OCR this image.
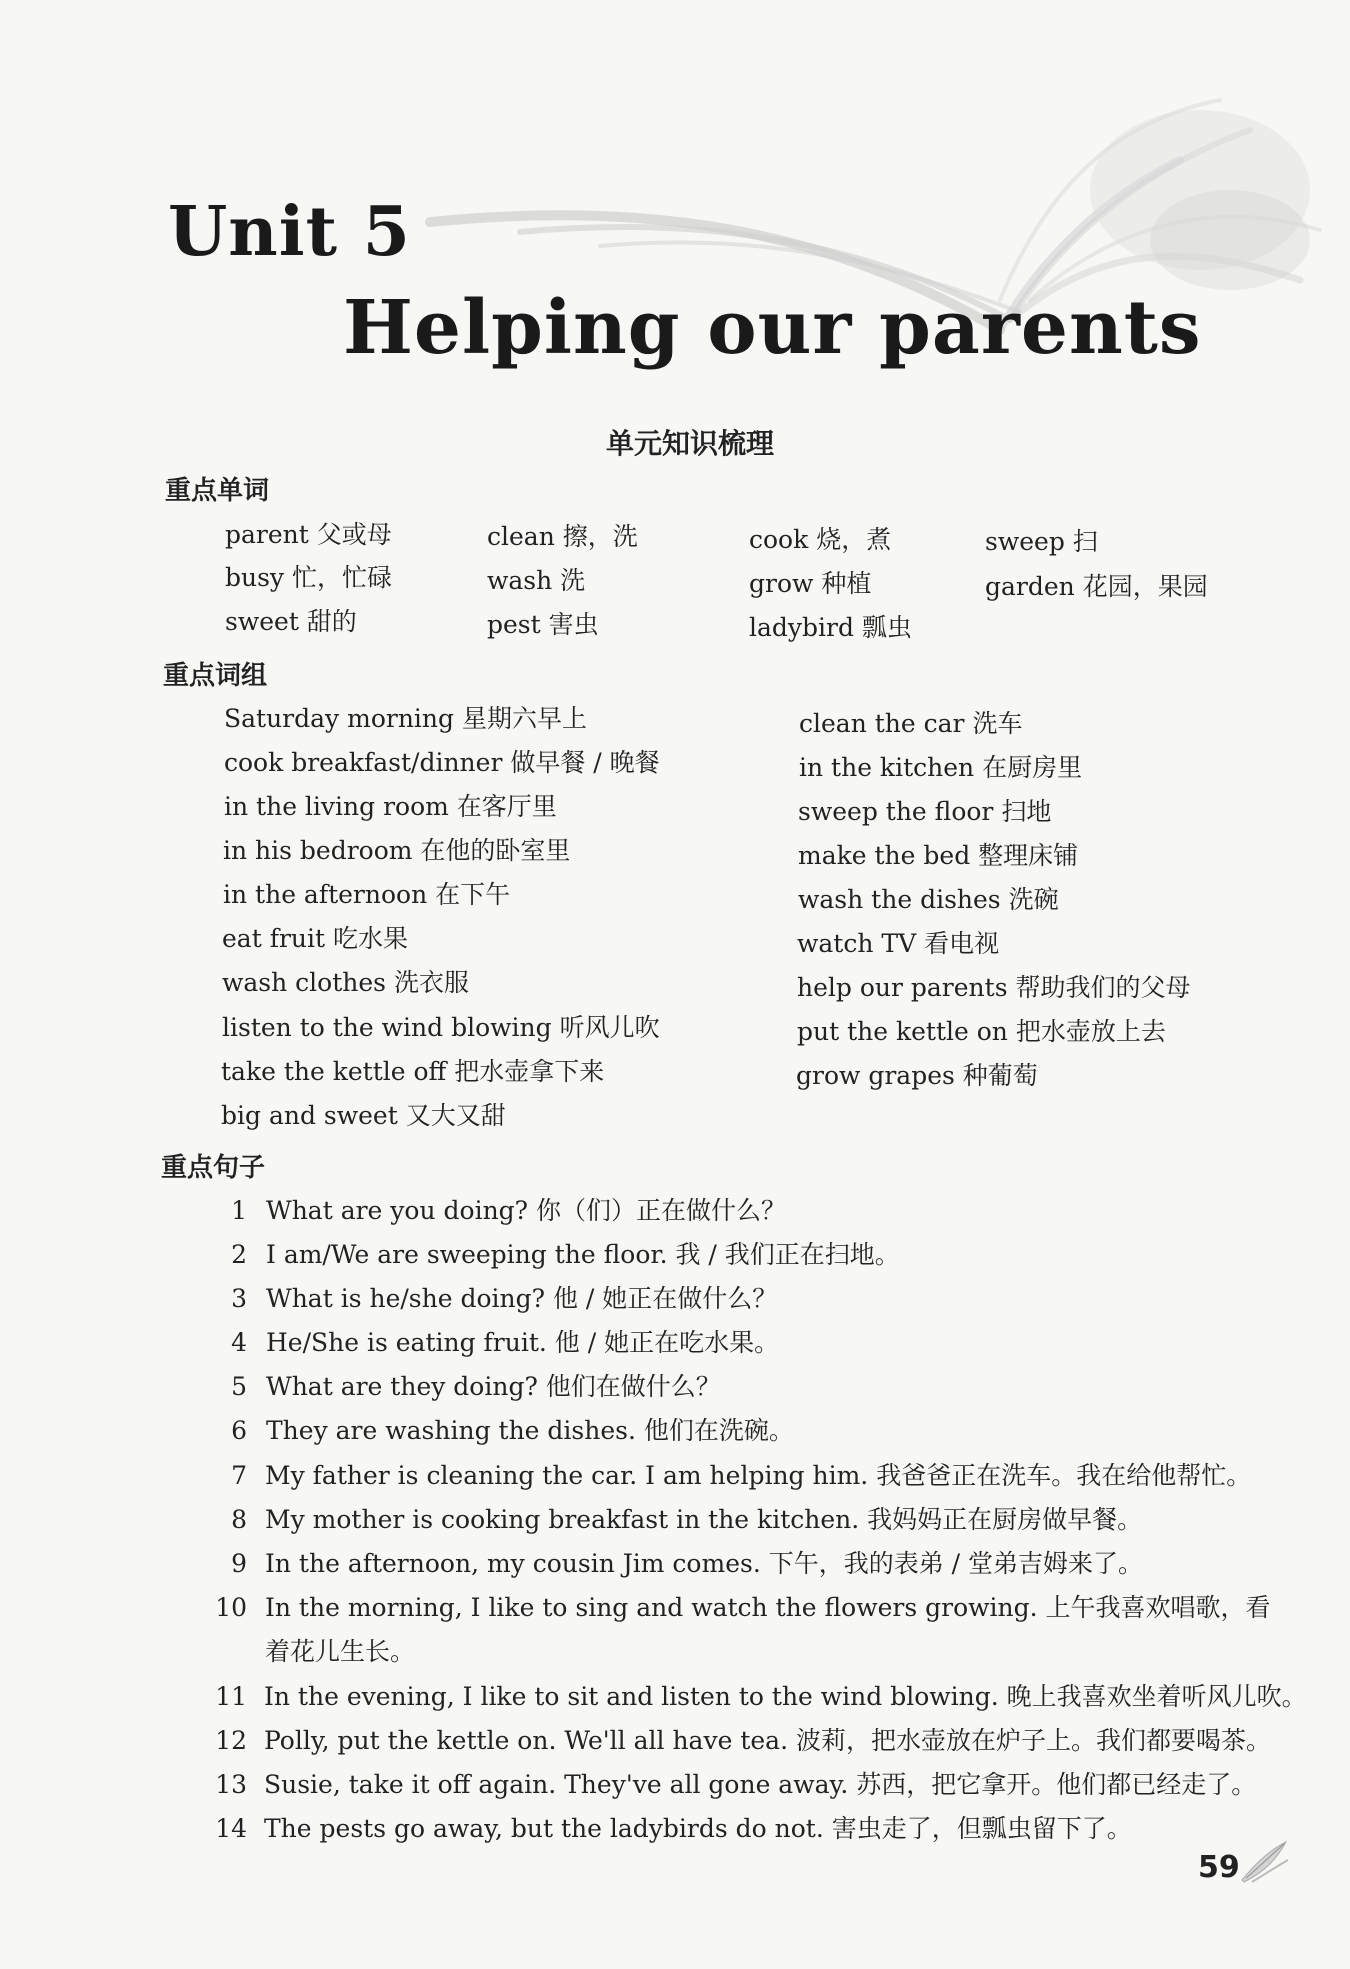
Unit 5
Helping our parents
单元知识梳理
重点单词
parent 父或母	clean 擦，洗	cook 烧，煮	sweep 扫
busy 忙，忙碌	wash 洗	grow 种植	garden 花园，果园
sweet 甜的	pest 害虫	ladybird 瓢虫
重点词组
Saturday morning 星期六早上
cook breakfast/dinner 做早餐 / 晚餐
in the living room 在客厅里
in his bedroom 在他的卧室里
in the afternoon 在下午
eat fruit 吃水果
wash clothes 洗衣服
listen to the wind blowing 听风儿吹
take the kettle off 把水壶拿下来
big and sweet 又大又甜
clean the car 洗车
in the kitchen 在厨房里
sweep the floor 扫地
make the bed 整理床铺
wash the dishes 洗碗
watch TV 看电视
help our parents 帮助我们的父母
put the kettle on 把水壶放上去
grow grapes 种葡萄
重点句子
1 What are you doing? 你（们）正在做什么？
2 I am/We are sweeping the floor. 我 / 我们正在扫地。
3 What is he/she doing? 他 / 她正在做什么？
4 He/She is eating fruit. 他 / 她正在吃水果。
5 What are they doing? 他们在做什么？
6 They are washing the dishes. 他们在洗碗。
7 My father is cleaning the car. I am helping him. 我爸爸正在洗车。我在给他帮忙。
8 My mother is cooking breakfast in the kitchen. 我妈妈正在厨房做早餐。
9 In the afternoon, my cousin Jim comes. 下午，我的表弟 / 堂弟吉姆来了。
10 In the morning, I like to sing and watch the flowers growing. 上午我喜欢唱歌，看
着花儿生长。
11 In the evening, I like to sit and listen to the wind blowing. 晚上我喜欢坐着听风儿吹。
12 Polly, put the kettle on. We'll all have tea. 波莉，把水壶放在炉子上。我们都要喝茶。
13 Susie, take it off again. They've all gone away. 苏西，把它拿开。他们都已经走了。
14 The pests go away, but the ladybirds do not. 害虫走了，但瓢虫留下了。
59
